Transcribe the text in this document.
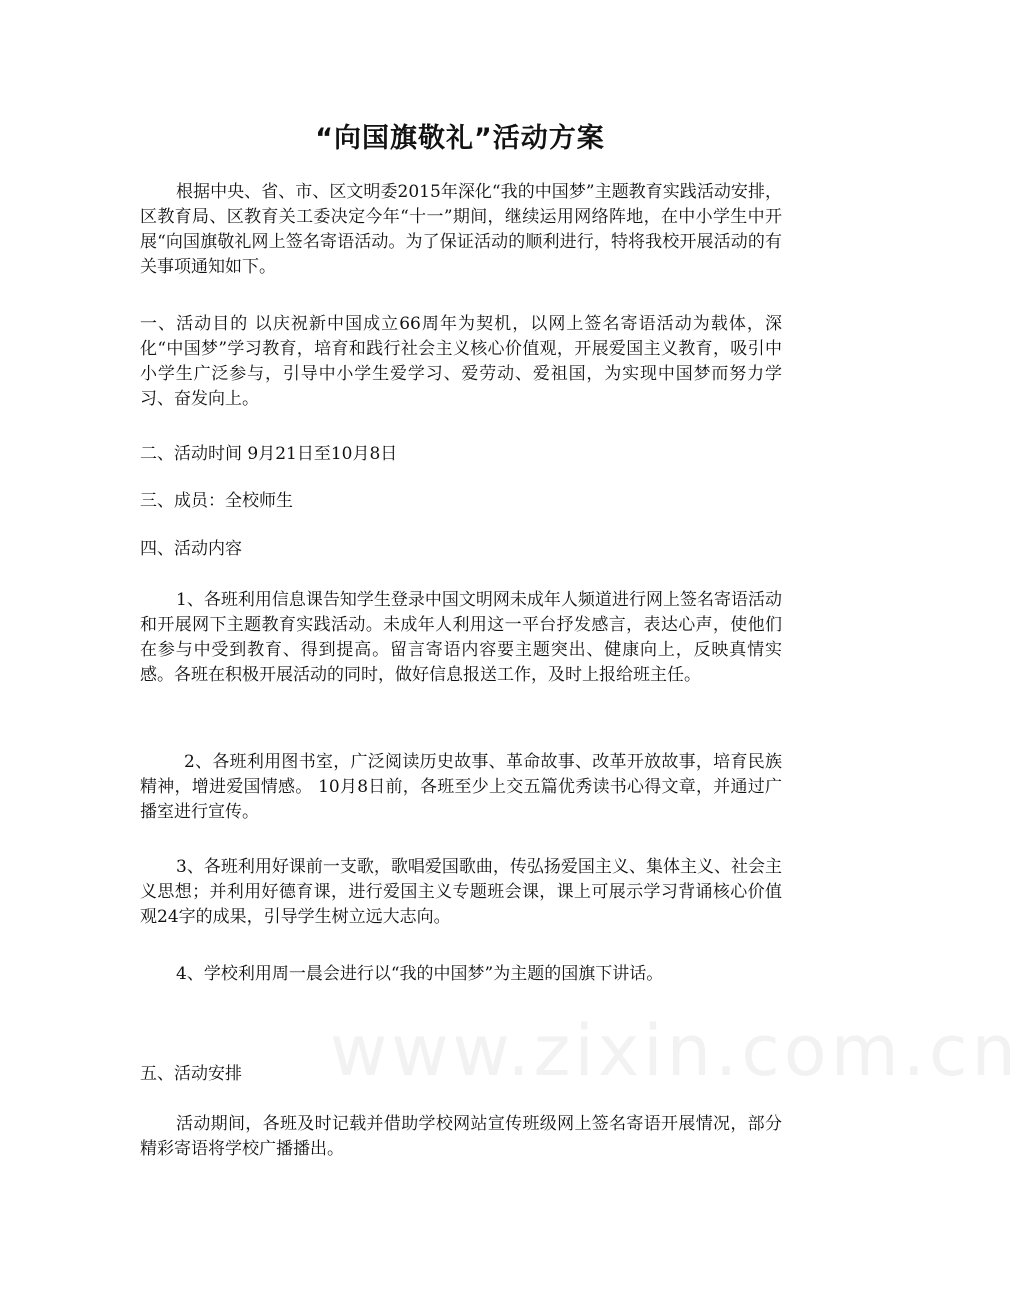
www.zixin.com.cn
“向国旗敬礼”活动方案

根据中央、省、市、区文明委2015年深化“我的中国梦”主题教育实践活动安排，区教育局、区教育关工委决定今年“十一”期间，继续运用网络阵地，在中小学生中开展“向国旗敬礼网上签名寄语活动。为了保证活动的顺利进行，特将我校开展活动的有关事项通知如下。

一、活动目的 以庆祝新中国成立66周年为契机，以网上签名寄语活动为载体，深化“中国梦”学习教育，培育和践行社会主义核心价值观，开展爱国主义教育，吸引中小学生广泛参与，引导中小学生爱学习、爱劳动、爱祖国，为实现中国梦而努力学习、奋发向上。

二、活动时间 9月21日至10月8日

三、成员：全校师生

四、活动内容

1、各班利用信息课告知学生登录中国文明网未成年人频道进行网上签名寄语活动和开展网下主题教育实践活动。未成年人利用这一平台抒发感言，表达心声，使他们在参与中受到教育、得到提高。留言寄语内容要主题突出、健康向上，反映真情实感。各班在积极开展活动的同时，做好信息报送工作，及时上报给班主任。

2、各班利用图书室，广泛阅读历史故事、革命故事、改革开放故事，培育民族精神，增进爱国情感。 10月8日前，各班至少上交五篇优秀读书心得文章，并通过广播室进行宣传。

3、各班利用好课前一支歌，歌唱爱国歌曲，传弘扬爱国主义、集体主义、社会主义思想；并利用好德育课，进行爱国主义专题班会课，课上可展示学习背诵核心价值观24字的成果，引导学生树立远大志向。

4、学校利用周一晨会进行以“我的中国梦”为主题的国旗下讲话。

五、活动安排

活动期间，各班及时记载并借助学校网站宣传班级网上签名寄语开展情况，部分精彩寄语将学校广播播出。
